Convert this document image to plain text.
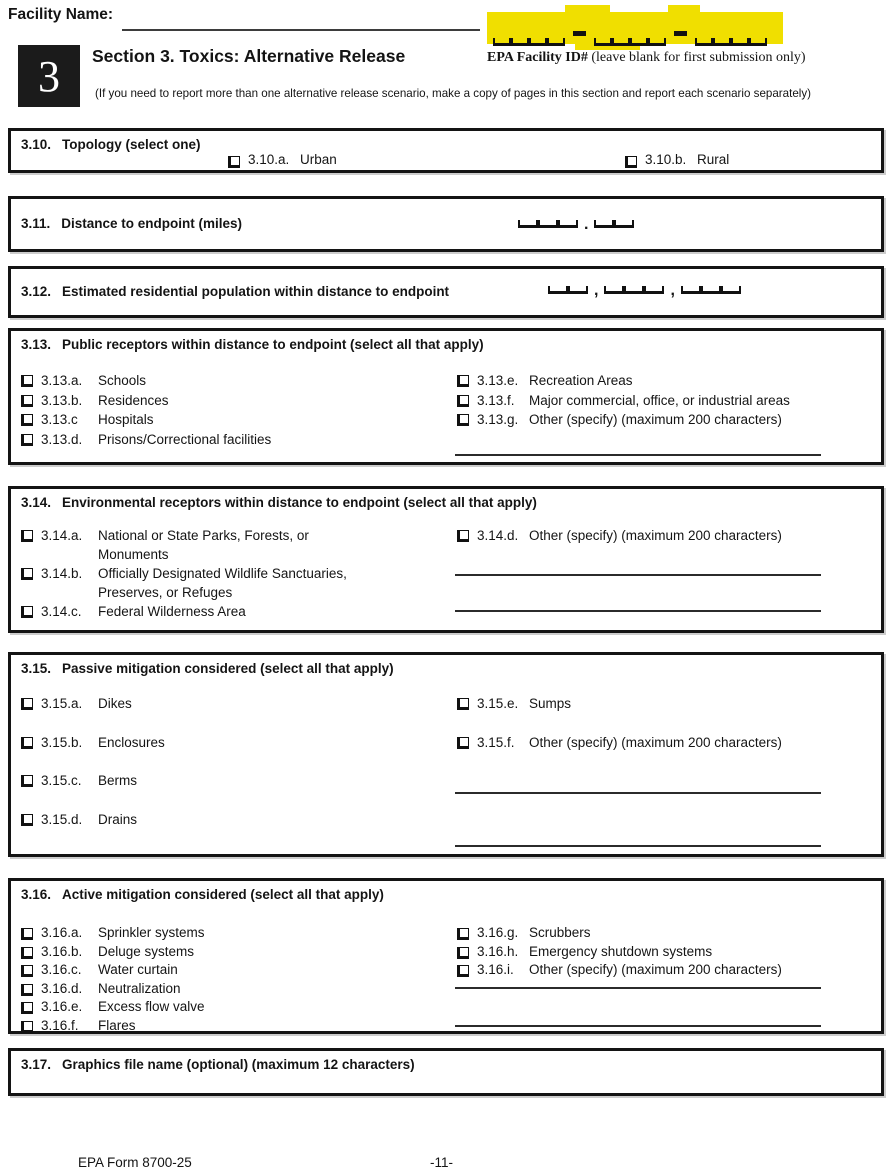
Facility Name:
EPA Facility ID# (leave blank for first submission only)
3 Section 3. Toxics: Alternative Release
(If you need to report more than one alternative release scenario, make a copy of pages in this section and report each scenario separately)
3.10. Topology (select one)
3.10.a. Urban	3.10.b. Rural
3.11. Distance to endpoint (miles)	.
3.12. Estimated residential population within distance to endpoint	,	,
3.13. Public receptors within distance to endpoint (select all that apply)
3.13.a.	Schools
3.13.b.	Residences
3.13.c	Hospitals
3.13.d.	Prisons/Correctional facilities
3.13.e. Recreation Areas
3.13.f.	Major commercial, office, or industrial areas
3.13.g. Other (specify) (maximum 200 characters)
3.14. Environmental receptors within distance to endpoint (select all that apply)
3.14.a.	National or State Parks, Forests, or Monuments
3.14.b.	Officially Designated Wildlife Sanctuaries, Preserves, or Refuges
3.14.c.	Federal Wilderness Area
3.14.d. Other (specify) (maximum 200 characters)
3.15. Passive mitigation considered (select all that apply)
3.15.a.	Dikes
3.15.b.	Enclosures
3.15.c.	Berms
3.15.d.	Drains
3.15.e. Sumps
3.15.f.	Other (specify) (maximum 200 characters)
3.16. Active mitigation considered (select all that apply)
3.16.a.	Sprinkler systems
3.16.b.	Deluge systems
3.16.c.	Water curtain
3.16.d.	Neutralization
3.16.e.	Excess flow valve
3.16.f.	Flares
3.16.g. Scrubbers
3.16.h. Emergency shutdown systems
3.16.i.	Other (specify) (maximum 200 characters)
3.17. Graphics file name (optional) (maximum 12 characters)
EPA Form 8700-25	-11-
